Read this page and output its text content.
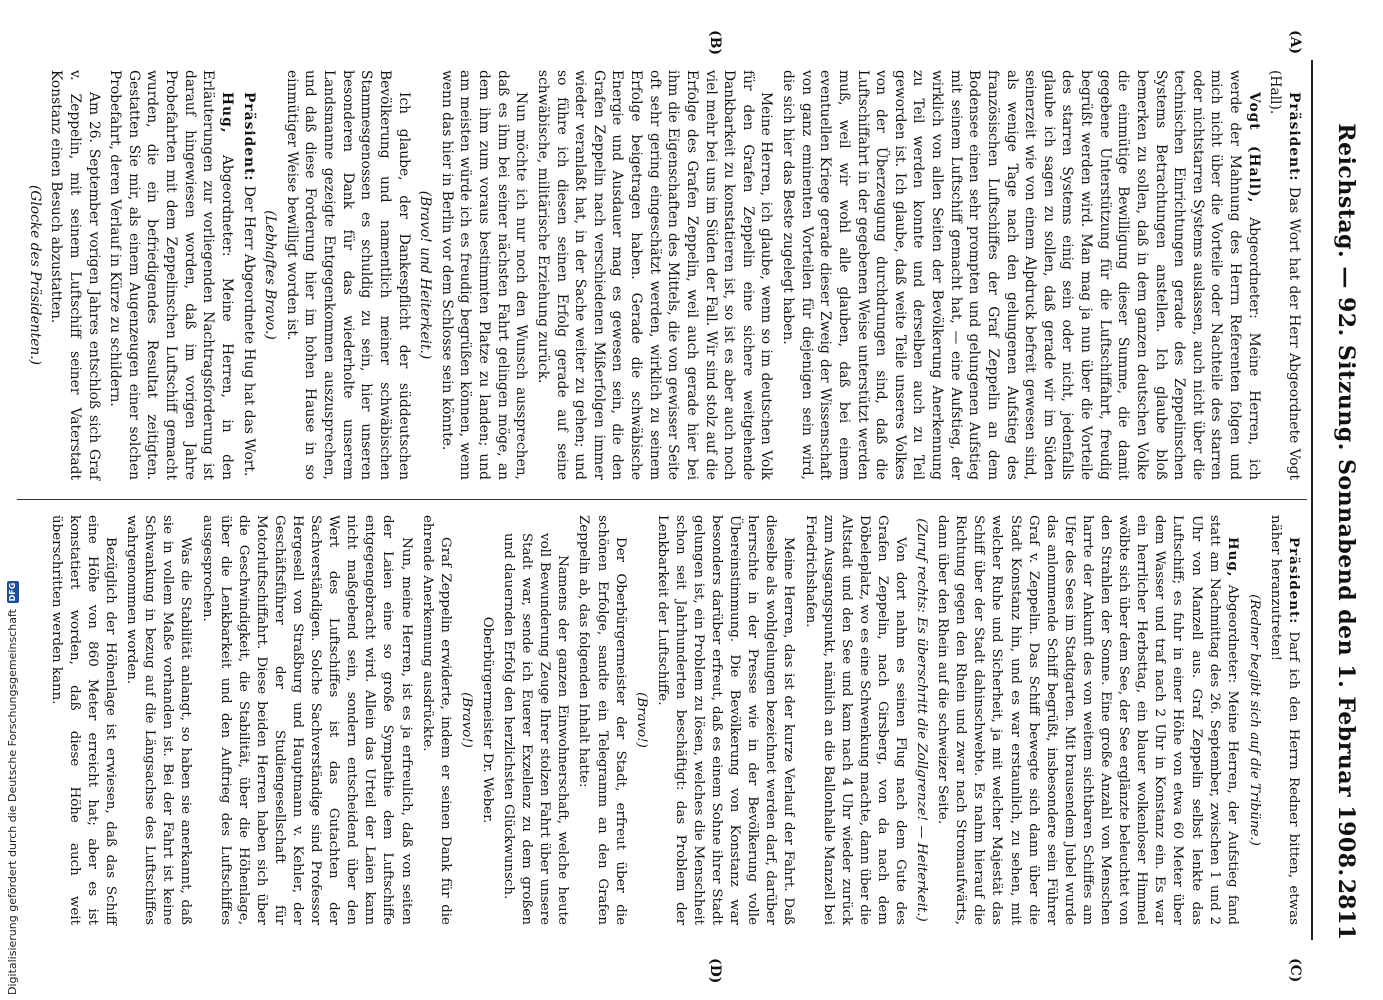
Reichstag. — 92. Sitzung. Sonnabend den 1. Februar 1908.
2811
(A)
(B)
(C)
(D)

Präsident: Das Wort hat der Herr Abgeordnete Vogt (Hall).

Vogt (Hall), Abgeordneter: Meine Herren, ich werde der Mahnung des Herrn Referenten folgen und mich nicht über die Vorteile oder Nachteile des starren oder nichtstarren Systems auslassen, auch nicht über die technischen Einrichtungen gerade des Zeppelinschen Systems Betrachtungen anstellen. Ich glaube bloß bemerken zu sollen, daß in dem ganzen deutschen Volke die einmütige Bewilligung dieser Summe, die damit gegebene Unterstützung für die Luftschiffahrt, freudig begrüßt werden wird. Man mag ja nun über die Vorteile des starren Systems einig sein oder nicht, jedenfalls glaube ich sagen zu sollen, daß gerade wir im Süden seinerzeit wie von einem Alpdruck befreit gewesen sind, als wenige Tage nach den gelungenen Aufstieg des französischen Luftschiffes der Graf Zeppelin an dem Bodensee einen sehr prompten und gelungenen Aufstieg mit seinem Luftschiff gemacht hat, — eine Aufstieg, der wirklich von allen Seiten der Bevölkerung Anerkennung zu Teil werden konnte und derselben auch zu Teil geworden ist. Ich glaube, daß weite Teile unseres Volkes von der Überzeugung durchdrungen sind, daß die Luftschiffahrt in der gegebenen Weise unterstützt werden muß, weil wir wohl alle glauben, daß bei einem eventuellen Kriege gerade dieser Zweig der Wissenschaft von ganz eminenten Vorteilen für diejenigen sein wird, die sich hier das Beste zugelegt haben.

Meine Herren, ich glaube, wenn so im deutschen Volk für den Grafen Zeppelin eine sichere weitgehende Dankbarkeit zu konstatieren ist, so ist es aber auch noch viel mehr bei uns im Süden der Fall. Wir sind stolz auf die Erfolge des Grafen Zeppelin, weil auch gerade hier bei ihm die Eigenschaften des Mittels, die von gewisser Seite oft sehr gering eingeschätzt werden, wirklich zu seinem Erfolge beigetragen haben. Gerade die schwäbische Energie und Ausdauer mag es gewesen sein, die den Grafen Zeppelin nach verschiedenen Mißerfolgen immer wieder veranlaßt hat, in der Sache weiter zu gehen; und so führe ich diesen seinen Erfolg gerade auf seine schwäbische, militärische Erziehung zurück.

Nun möchte ich nur noch den Wunsch aussprechen, daß es ihm bei seiner nächsten Fahrt gelingen möge, an dem ihm zum voraus bestimmten Platze zu landen; und am meisten würde ich es freudig begrüßen können, wenn wenn das hier in Berlin vor dem Schlosse sein könnte.

(Bravo! und Heiterkeit.)

Ich glaube, der Dankespflicht der süddeutschen Bevölkerung und namentlich meiner schwäbischen Stammesgenossen es schuldig zu sein, hier unseren besonderen Dank für das wiederholte unserem Landsmanne gezeigte Entgegenkommen auszusprechen, und daß diese Forderung hier im hohen Hause in so einmütiger Weise bewilligt worden ist.

(Lebhaftes Bravo.)

Präsident: Der Herr Abgeordnete Hug hat das Wort.

Hug, Abgeordneter: Meine Herren, in den Erläuterungen zur vorliegenden Nachtragsforderung ist darauf hingewiesen worden, daß im vorigen Jahre Probefahrten mit dem Zeppelinschen Luftschiff gemacht wurden, die ein befriedigendes Resultat zeitigten. Gestatten Sie mir, als einem Augenzeugen einer solchen Probefahrt, deren Verlauf in Kürze zu schildern.

Am 26. September vorigen Jahres entschloß sich Graf v. Zeppelin, mit seinem Luftschiff seiner Vaterstadt Konstanz einen Besuch abzustatten.

(Glocke des Präsidenten.)

Präsident: Darf ich den Herrn Redner bitten, etwas näher heranzutreten!

(Redner begibt sich auf die Tribüne.)

Hug, Abgeordneter: Meine Herren, der Aufstieg fand statt am Nachmittag des 26. September, zwischen 1 und 2 Uhr von Manzell aus. Graf Zeppelin selbst lenkte das Luftschiff; es fuhr in einer Höhe von etwa 60 Meter über dem Wasser und traf nach 2 Uhr in Konstanz ein. Es war ein herrlicher Herbsttag, ein blauer wolkenloser Himmel wölbte sich über dem See, der See erglänzte beleuchtet von den Strahlen der Sonne. Eine große Anzahl von Menschen harrte der Ankunft des von weitem sichtbaren Schiffes am Ufer des Sees im Stadtgarten. Mit brausendem Jubel wurde das anlommende Schiff begrüßt, insbesondere sein Führer Graf v. Zeppelin. Das Schiff bewegte sich dann über die Stadt Konstanz hin, und es war erstaunlich, zu sehen, mit welcher Ruhe und Sicherheit, ja mit welcher Majestät das Schiff über der Stadt dahinschwebte. Es nahm hierauf die Richtung gegen den Rhein und zwar nach Stromaufwärts, dann über den Rhein auf die schweizer Seite.

(Zuruf rechts: Es überschritt die Zollgrenze! — Heiterkeit.)

Von dort nahm es seinen Flug nach dem Gute des Grafen Zeppelin, nach Girsberg, von da nach dem Döbeleplatz, wo es eine Schwenkung machte, dann über die Altstadt und den See und kam nach 4 Uhr wieder zurück zum Ausgangspunkt, nämlich an die Ballonhalle Manzell bei Friedrichshafen.

Meine Herren, das ist der kurze Verlauf der Fahrt. Daß dieselbe als wohlgelungen bezeichnet werden darf, darüber herrschte in der Presse wie in der Bevölkerung volle Übereinstimmung. Die Bevölkerung von Konstanz war besonders darüber erfreut, daß es einem Sohne ihrer Stadt gelungen ist, ein Problem zu lösen, welches die Menschheit schon seit Jahrhunderten beschäftigt: das Problem der Lenkbarkeit der Luftschiffe.

(Bravo!)

Der Oberbürgermeister der Stadt, erfreut über die schönen Erfolge, sandte ein Telegramm an den Grafen Zeppelin ab, das folgenden Inhalt hatte:

Namens der ganzen Einwohnerschaft, welche heute voll Bewunderung Zeuge Ihrer stolzen Fahrt über unsere Stadt war, sende ich Euerer Exzellenz zu dem großen und dauernden Erfolg den herzlichsten Glückwunsch.

Oberbürgermeister Dr. Weber.

(Bravo!)

Graf Zeppelin erwiderte, indem er seinen Dank für die ehrende Anerkennung ausdrückte.

Nun, meine Herren, ist es ja erfreulich, daß von seiten der Laien eine so große Sympathie dem Luftschiffe entgegengebracht wird. Allein das Urteil der Laien kann nicht maßgebend sein, sondern entscheidend über den Wert des Luftschiffes ist das Gutachten der Sachverständigen. Solche Sachverständige sind Professor Hergesell von Straßburg und Hauptmann v. Kehler, der Geschäftsführer der Studiengesellschaft für Motorluftschiffahrt. Diese beiden Herren haben sich über die Geschwindigkeit, die Stabilität, über die Höhenlage, über die Lenkbarkeit und den Auftrieg des Luftschiffes ausgesprochen.

Was die Stabilität anlangt, so haben sie anerkannt, daß sie in vollem Maße vorhanden ist. Bei der Fahrt ist keine Schwankung in bezug auf die Längsachse des Luftschiffes wahrgenommen worden.

Bezüglich der Höhenlage ist erwiesen, daß das Schiff eine Höhe von 860 Meter erreicht hat; aber es ist konstatiert worden, daß diese Höhe auch weit überschritten werden kann.

Digitalisierung gefördert durch die Deutsche Forschungsgemeinschaft
DFG
